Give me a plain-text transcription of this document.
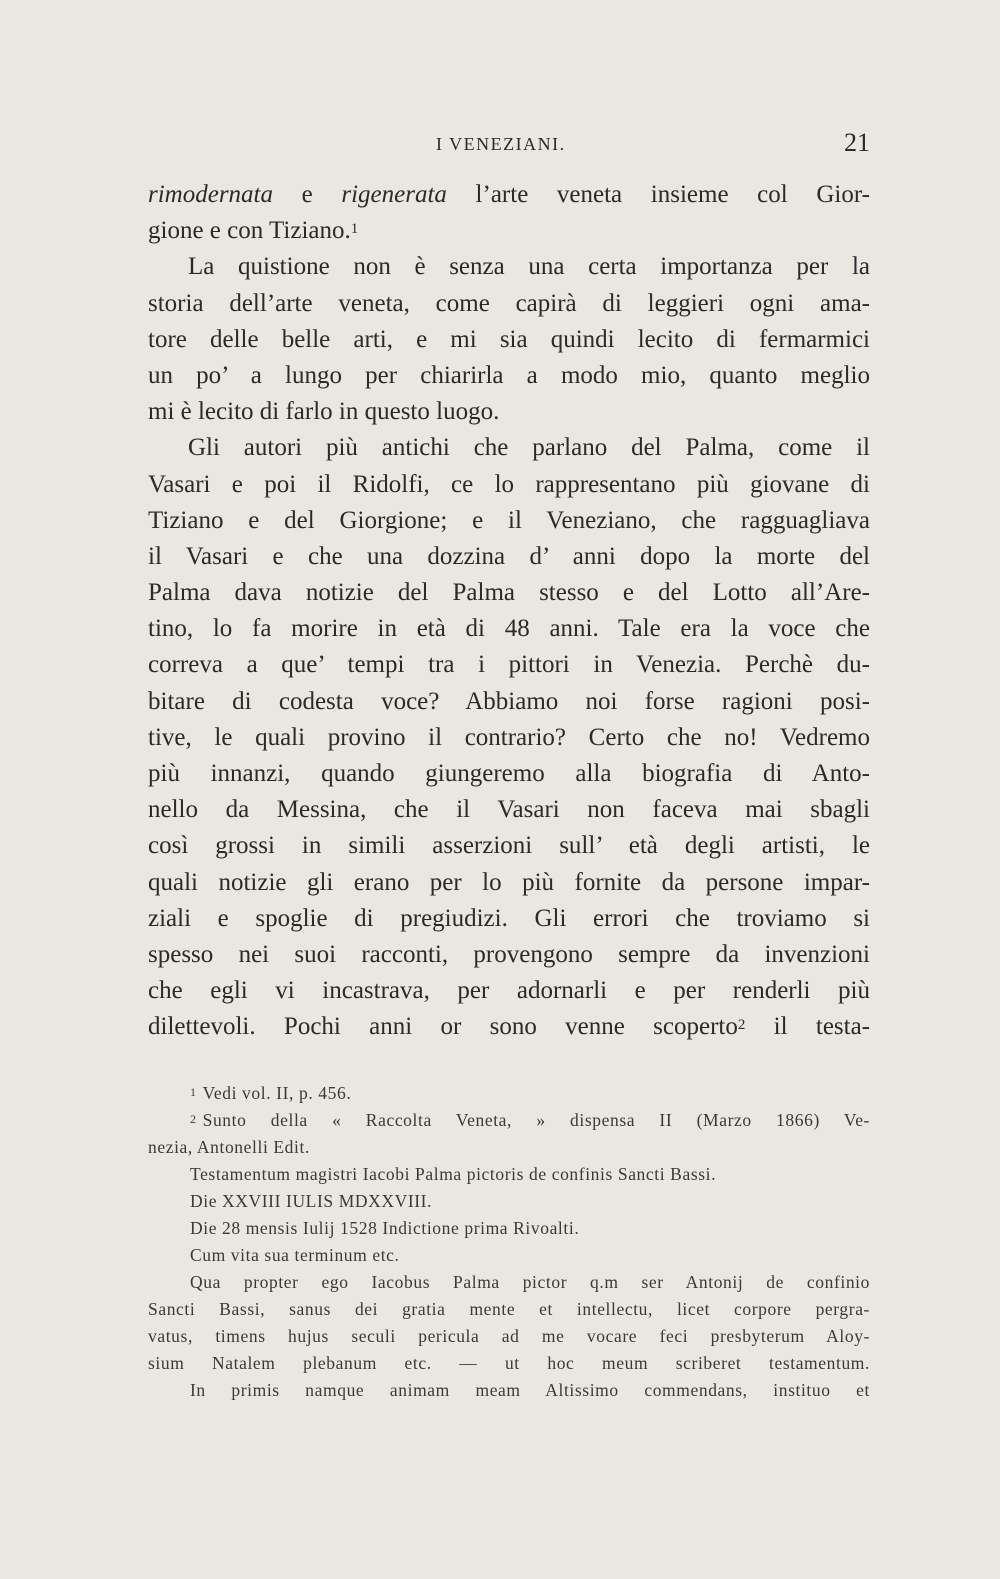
I VENEZIANI.	21
rimodernata e rigenerata l’arte veneta insieme col Gior-
gione e con Tiziano.$^1$
La quistione non è senza una certa importanza per la
storia dell’arte veneta, come capirà di leggieri ogni ama-
tore delle belle arti, e mi sia quindi lecito di fermarmici
un po’ a lungo per chiarirla a modo mio, quanto meglio
mi è lecito di farlo in questo luogo.
Gli autori più antichi che parlano del Palma, come il
Vasari e poi il Ridolfi, ce lo rappresentano più giovane di
Tiziano e del Giorgione; e il Veneziano, che ragguagliava
il Vasari e che una dozzina d’ anni dopo la morte del
Palma dava notizie del Palma stesso e del Lotto all’Are-
tino, lo fa morire in età di 48 anni. Tale era la voce che
correva a que’ tempi tra i pittori in Venezia. Perchè du-
bitare di codesta voce? Abbiamo noi forse ragioni posi-
tive, le quali provino il contrario? Certo che no! Vedremo
più innanzi, quando giungeremo alla biografia di Anto-
nello da Messina, che il Vasari non faceva mai sbagli
così grossi in simili asserzioni sull’ età degli artisti, le
quali notizie gli erano per lo più fornite da persone impar-
ziali e spoglie di pregiudizi. Gli errori che troviamo si
spesso nei suoi racconti, provengono sempre da invenzioni
che egli vi incastrava, per adornarli e per renderli più
dilettevoli. Pochi anni or sono venne scoperto$^2$ il testa-
$^1$ Vedi vol. II, p. 456.
$^2$ Sunto della « Raccolta Veneta, » dispensa II (Marzo 1866) Ve-
nezia, Antonelli Edit.
Testamentum magistri Iacobi Palma pictoris de confinis Sancti Bassi.
Die XXVIII IULIS MDXXVIII.
Die 28 mensis Iulij 1528 Indictione prima Rivoalti.
Cum vita sua terminum etc.
Qua propter ego Iacobus Palma pictor q.m ser Antonij de confinio
Sancti Bassi, sanus dei gratia mente et intellectu, licet corpore pergra-
vatus, timens hujus seculi pericula ad me vocare feci presbyterum Aloy-
sium Natalem plebanum etc. — ut hoc meum scriberet testamentum.
In primis namque animam meam Altissimo commendans, instituo et
